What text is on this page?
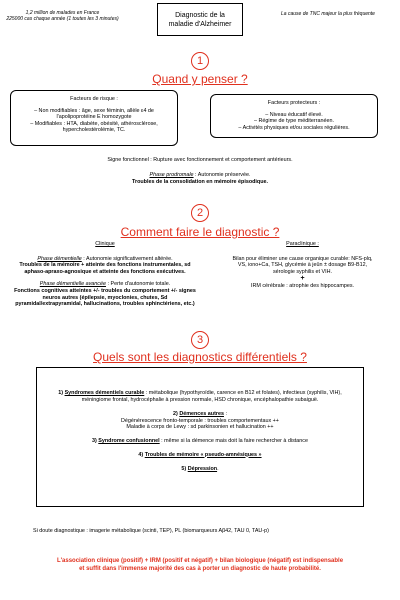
1,2 million de malades en France
225000 cas chaque année (1 toutes les 3 minutes)
Diagnostic de la
maladie d'Alzheimer
La cause de TNC majeur la plus fréquente
1
Quand y penser ?
Facteurs de risque :
– Non modifiables : âge, sexe féminin, allèle ε4 de
l'apolipoprotéine E homozygote
– Modifiables : HTA, diabète, obésité, athérosclérose,
hypercholestérolémie, TC.
Facteurs protecteurs :
– Niveau éducatif élevé.
– Régime de type méditerranéen.
– Activités physiques et/ou sociales régulières.
Signe fonctionnel : Rupture avec fonctionnement et comportement antérieurs.
Phase prodromale : Autonomie préservée.
Troubles de la consolidation en mémoire épisodique.
2
Comment faire le diagnostic ?
Clinique
Phase démentielle : Autonomie significativement altérée.
Troubles de la mémoire + atteinte des fonctions instrumentales, sd
aphaso-apraxo-agnosique et atteinte des fonctions exécutives.
Phase démentielle avancée : Perte d'autonomie totale.
Fonctions cognitives atteintes +/- troubles du comportement +/- signes
neuros autres (épilepsie, myoclonies, chutes, Sd
pyramidal/extrapyramidal, hallucinations, troubles sphinctériens, etc.)
Paraclinique :
Bilan pour éliminer une cause organique curable: NFS-plq,
VS, iono+Ca, TSH, glycémie à jeûn ± dosage B9-B12,
sérologie syphilis et VIH.
+
IRM cérébrale : atrophie des hippocampes.
3
Quels sont les diagnostics différentiels ?
1) Syndromes démentiels curable : métabolique (hypothyroïdie, carence en B12 et folates), infectieux (syphilis, VIH),
méningiome frontal, hydrocéphalie à pression normale, HSD chronique, encéphalopathie subaiguë.
2) Démences autres :
Dégénérescence fronto-temporale : troubles comportementaux ++
Maladie à corps de Lewy : sd parkinsonien et hallucination ++
3) Syndrome confusionnel : même si la démence mais doit la faire rechercher à distance
4) Troubles de mémoire « pseudo-amnésiques »
5) Dépression.
Si doute diagnostique : imagerie métabolique (scinti, TEP), PL (biomarqueurs Aβ42, TAU 0, TAU-p)
L'association clinique (positif) + IRM (positif et négatif) + bilan biologique (négatif) est indispensable
et suffit dans l'immense majorité des cas à porter un diagnostic de haute probabilité.
